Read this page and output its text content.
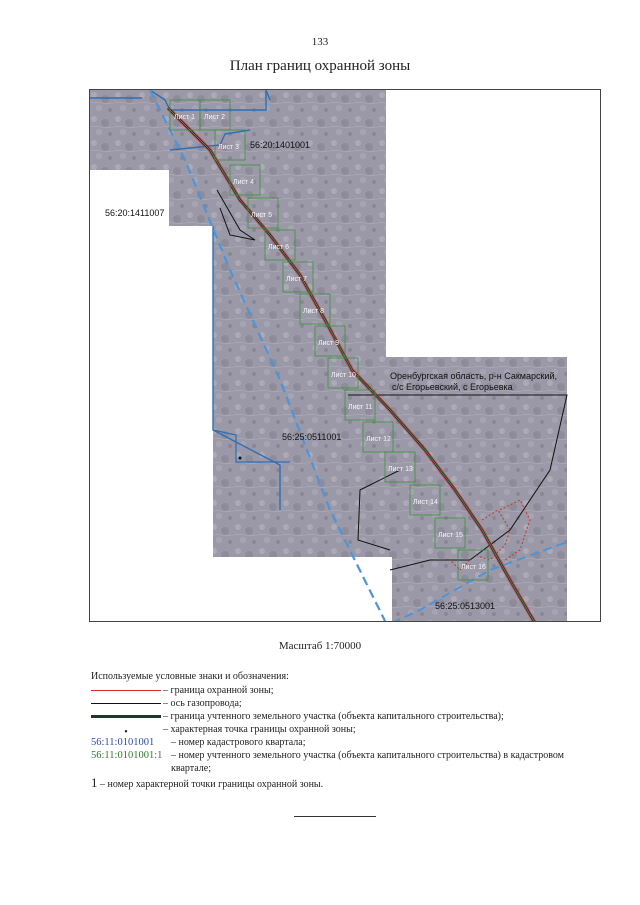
133
План границ охранной зоны
Лист 1 Лист 2
Лист 3
Лист 4
Лист 5
Лист 6
Лист 7
Лист 8
Лист 9
Лист 10
Лист 11
Лист 12
Лист 13
Лист 14
Лист 15
Лист 16
56:20:1401001
56:20:1411007
56:25:0511001
56:25:0513001
Оренбургская область, р-н Сакмарский,
с/с Егорьевский, с Егорьевка
Масштаб 1:70000
Используемые условные знаки и обозначения:
– граница охранной зоны;
– ось газопровода;
– граница учтенного земельного участка (объекта капитального строительства);
•	– характерная точка границы охранной зоны;
56:11:0101001 – номер кадастрового квартала;
56:11:0101001:1 – номер учтенного земельного участка (объекта капитального строительства) в кадастровом квартале;
1 – номер характерной точки границы охранной зоны.
